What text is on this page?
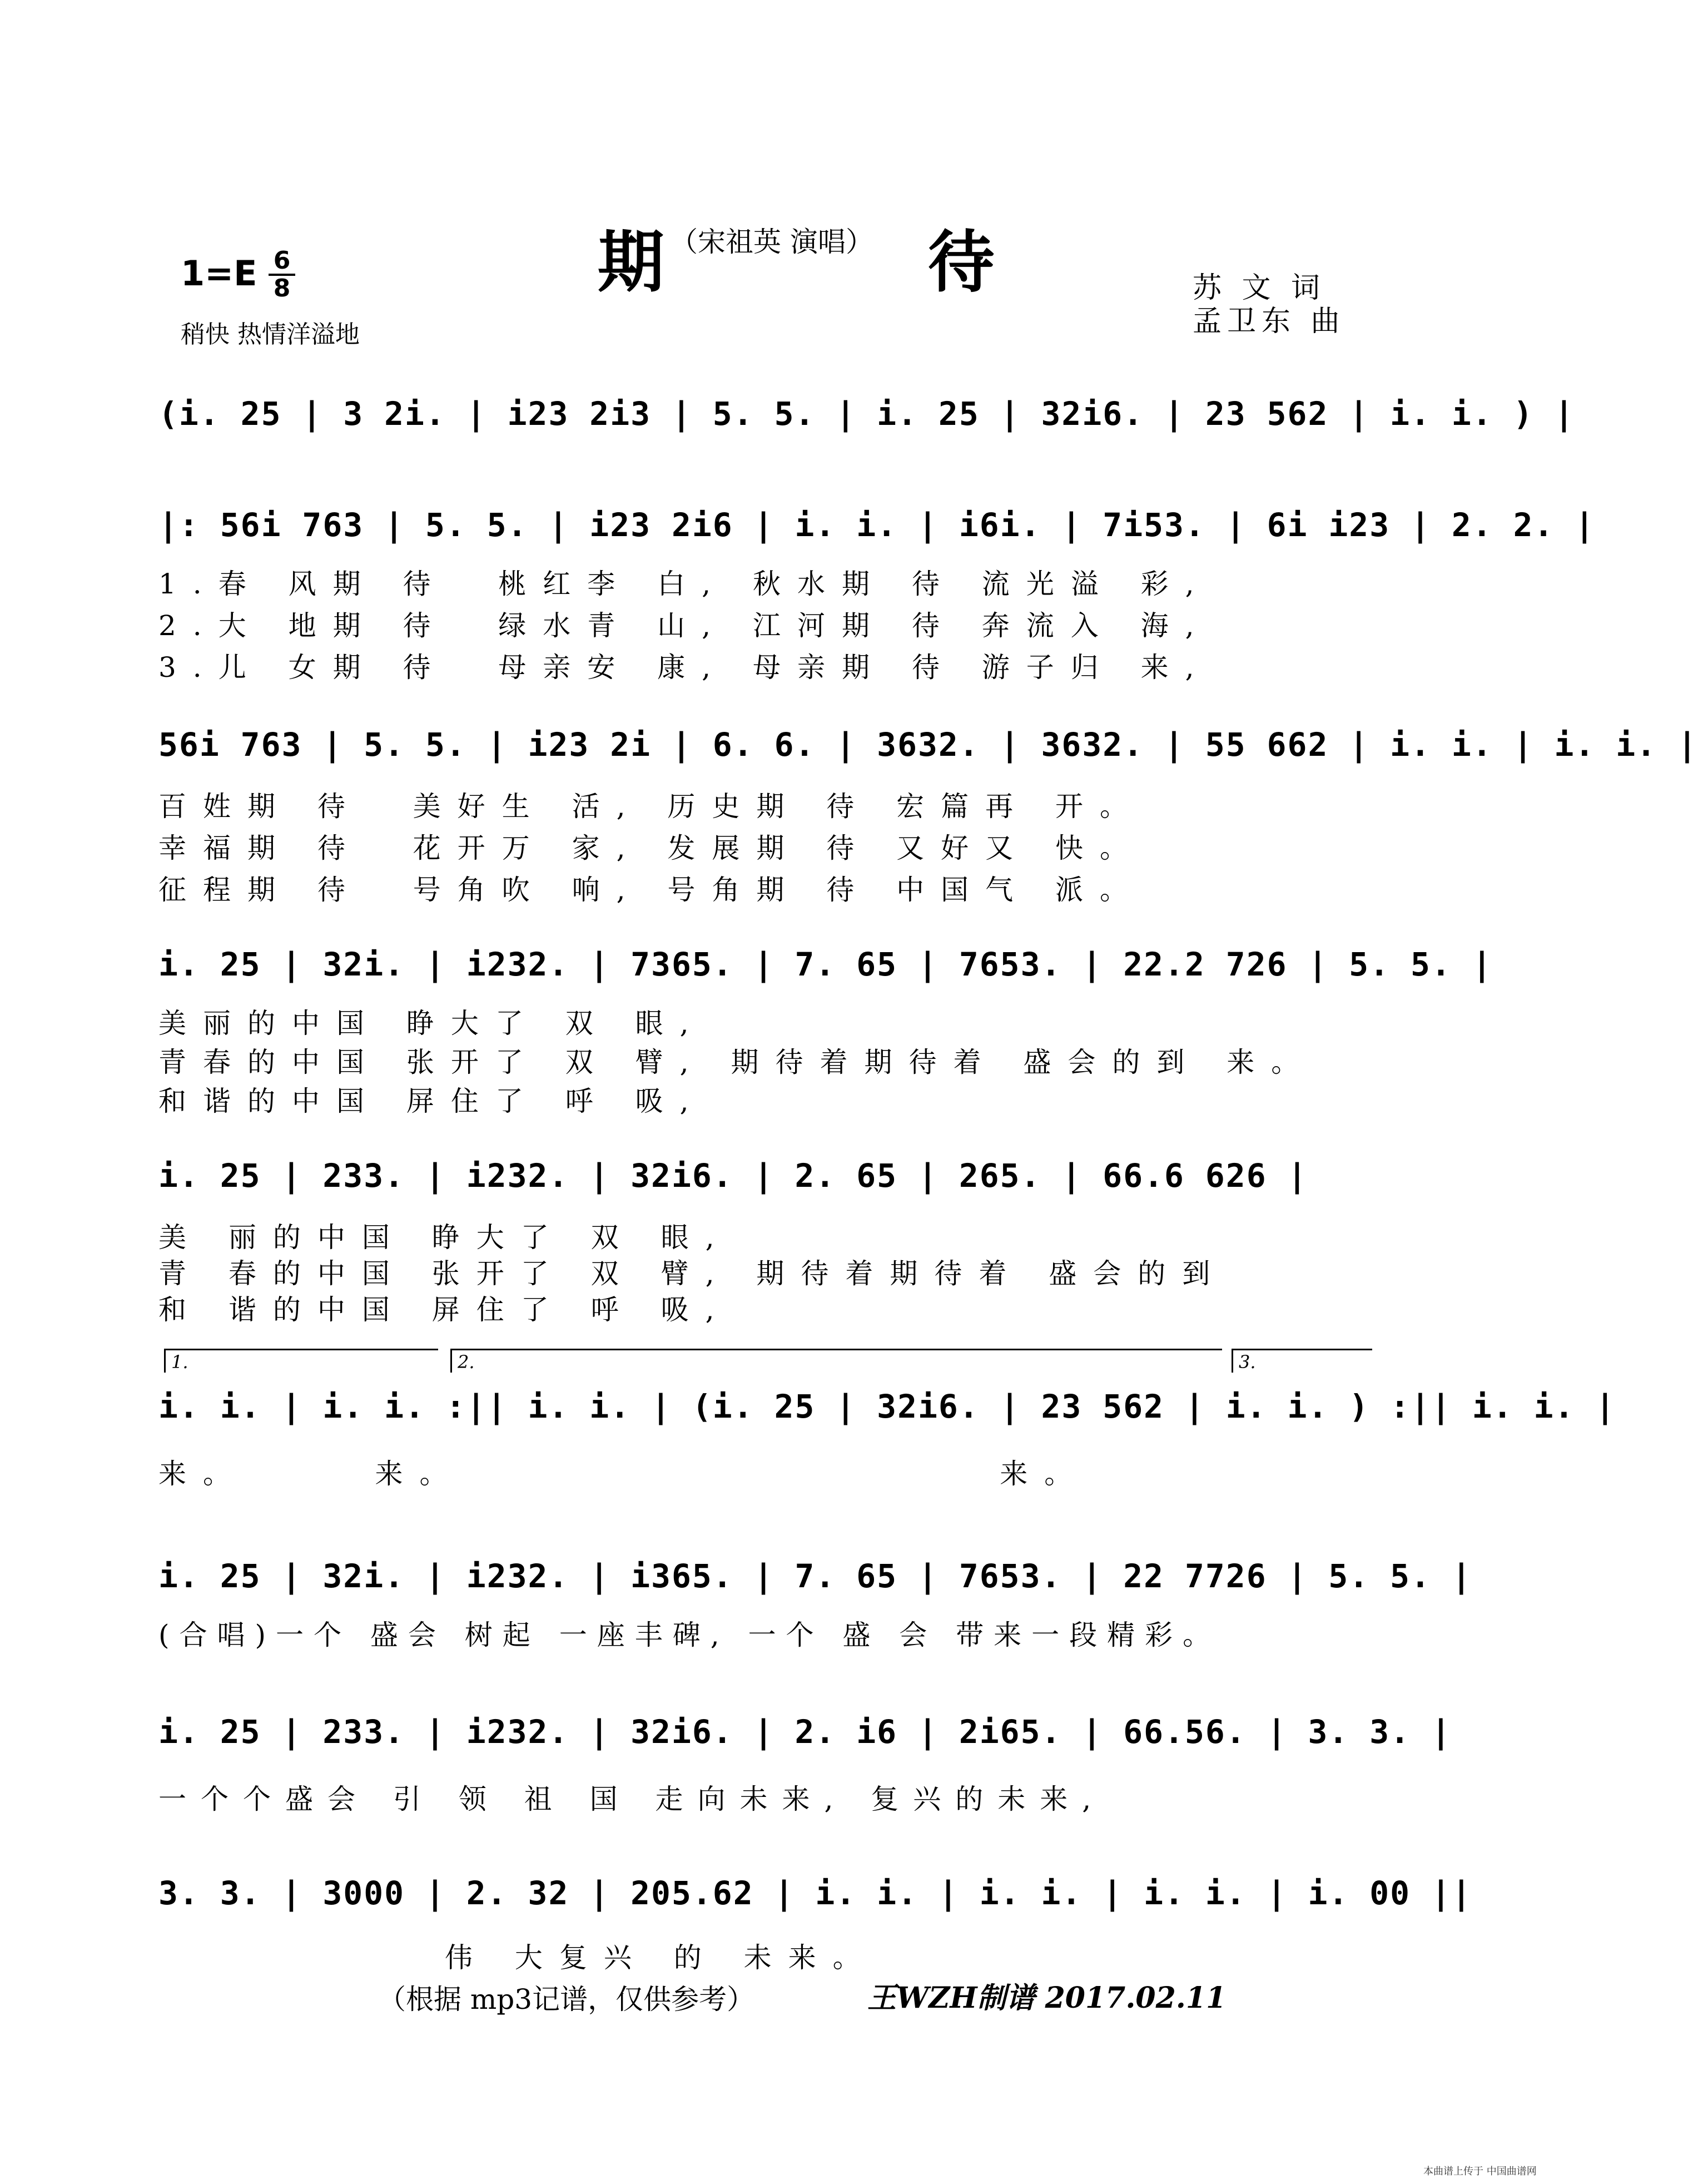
期	待

（宋祖英 演唱）
1=E 6
8
稍快 热情洋溢地
苏 文 词
孟卫东 曲
(i. 25 | 3 2i. | i23 2i3 | 5. 5. | i. 25 | 32i6. | 23 562 | i. i. ) |
|: 56i 763 | 5. 5. | i23 2i6 | i. i. | i6i. | 7i53. | 6i i23 | 2. 2. |
1.春 风期 待  桃红李 白, 秋水期 待 流光溢 彩,
2.大 地期 待  绿水青 山, 江河期 待 奔流入 海,
3.儿 女期 待  母亲安 康, 母亲期 待 游子归 来,
56i 763 | 5. 5. | i23 2i | 6. 6. | 3632. | 3632. | 55 662 | i. i. | i. i. |
百姓期 待  美好生 活, 历史期 待 宏篇再 开。
幸福期 待  花开万 家, 发展期 待 又好又 快。
征程期 待  号角吹 响, 号角期 待 中国气 派。
i. 25 | 32i. | i232. | 7365. | 7. 65 | 7653. | 22.2 726 | 5. 5. |
美丽的中国 睁大了 双 眼,
青春的中国 张开了 双 臂, 期待着期待着 盛会的到 来。
和谐的中国 屏住了 呼 吸,
i. 25 | 233. | i232. | 32i6. | 2. 65 | 265. | 66.6 626 |
美 丽的中国 睁大了 双 眼,
青 春的中国 张开了 双 臂, 期待着期待着 盛会的到
和 谐的中国 屏住了 呼 吸,
1.	2.	3.
i. i. | i. i. :|| i. i. | (i. 25 | 32i6. | 23 562 | i. i. ) :|| i. i. |
来。     来。                     来。
i. 25 | 32i. | i232. | i365. | 7. 65 | 7653. | 22 7726 | 5. 5. |
(合唱)一个 盛会 树起 一座丰碑, 一个 盛 会 带来一段精彩。
i. 25 | 233. | i232. | 32i6. | 2. i6 | 2i65. | 66.56. | 3. 3. |
一个个盛会 引 领 祖 国 走向未来, 复兴的未来,
3. 3. | 3000 | 2. 32 | 205.62 | i. i. | i. i. | i. i. | i. 00 ||
伟 大复兴 的 未来。
（根据 mp3记谱，仅供参考）	王WZH制谱 2017.02.11
本曲谱上传于 中国曲谱网
